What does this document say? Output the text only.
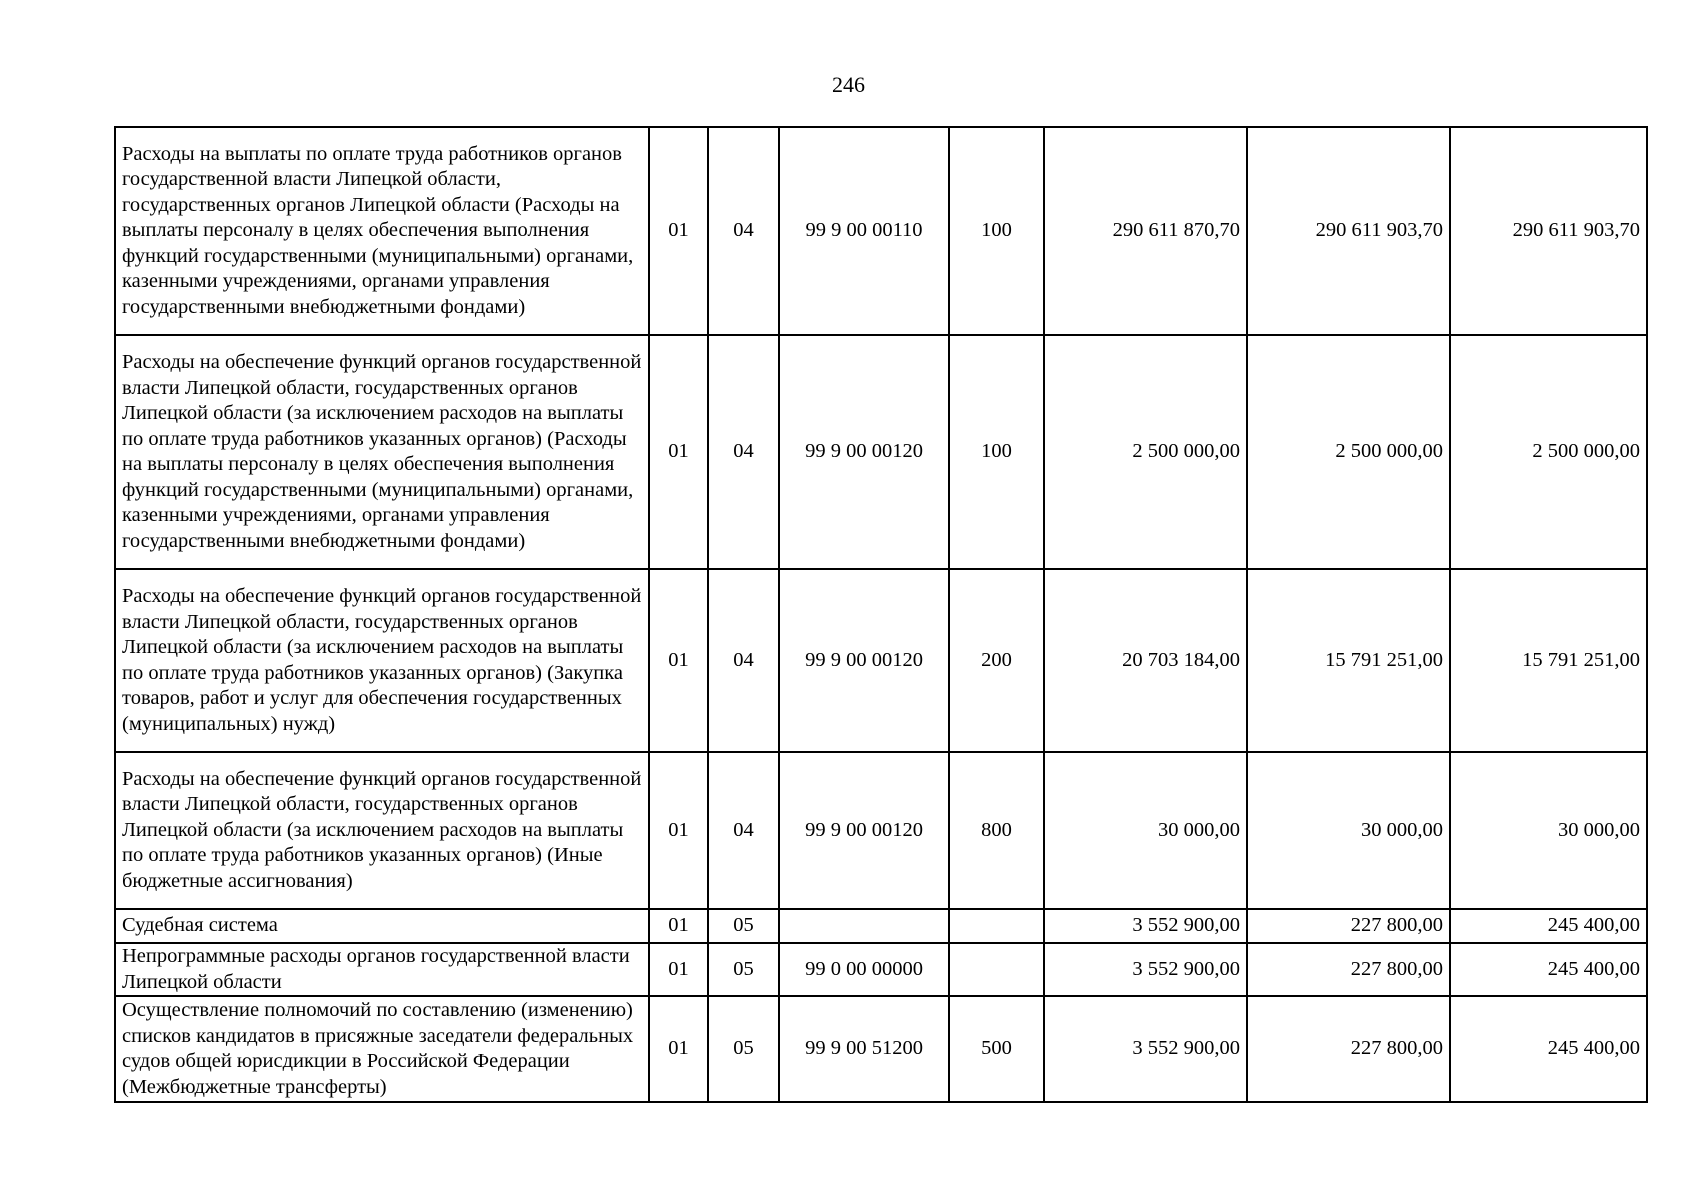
246
Расходы на выплаты по оплате труда работников органов государственной власти Липецкой области, государственных органов Липецкой области (Расходы на выплаты персоналу в целях обеспечения выполнения функций государственными (муниципальными) органами, казенными учреждениями, органами управления государственными внебюджетными фондами)	01	04	99 9 00 00110	100	290 611 870,70	290 611 903,70	290 611 903,70
Расходы на обеспечение функций органов государственной власти Липецкой области, государственных органов Липецкой области (за исключением расходов на выплаты по оплате труда работников указанных органов) (Расходы на выплаты персоналу в целях обеспечения выполнения функций государственными (муниципальными) органами, казенными учреждениями, органами управления государственными внебюджетными фондами)	01	04	99 9 00 00120	100	2 500 000,00	2 500 000,00	2 500 000,00
Расходы на обеспечение функций органов государственной власти Липецкой области, государственных органов Липецкой области (за исключением расходов на выплаты по оплате труда работников указанных органов) (Закупка товаров, работ и услуг для обеспечения государственных (муниципальных) нужд)	01	04	99 9 00 00120	200	20 703 184,00	15 791 251,00	15 791 251,00
Расходы на обеспечение функций органов государственной власти Липецкой области, государственных органов Липецкой области (за исключением расходов на выплаты по оплате труда работников указанных органов) (Иные бюджетные ассигнования)	01	04	99 9 00 00120	800	30 000,00	30 000,00	30 000,00
Судебная система	01	05			3 552 900,00	227 800,00	245 400,00
Непрограммные расходы органов государственной власти Липецкой области	01	05	99 0 00 00000		3 552 900,00	227 800,00	245 400,00
Осуществление полномочий по составлению (изменению) списков кандидатов в присяжные заседатели федеральных судов общей юрисдикции в Российской Федерации (Межбюджетные трансферты)	01	05	99 9 00 51200	500	3 552 900,00	227 800,00	245 400,00
